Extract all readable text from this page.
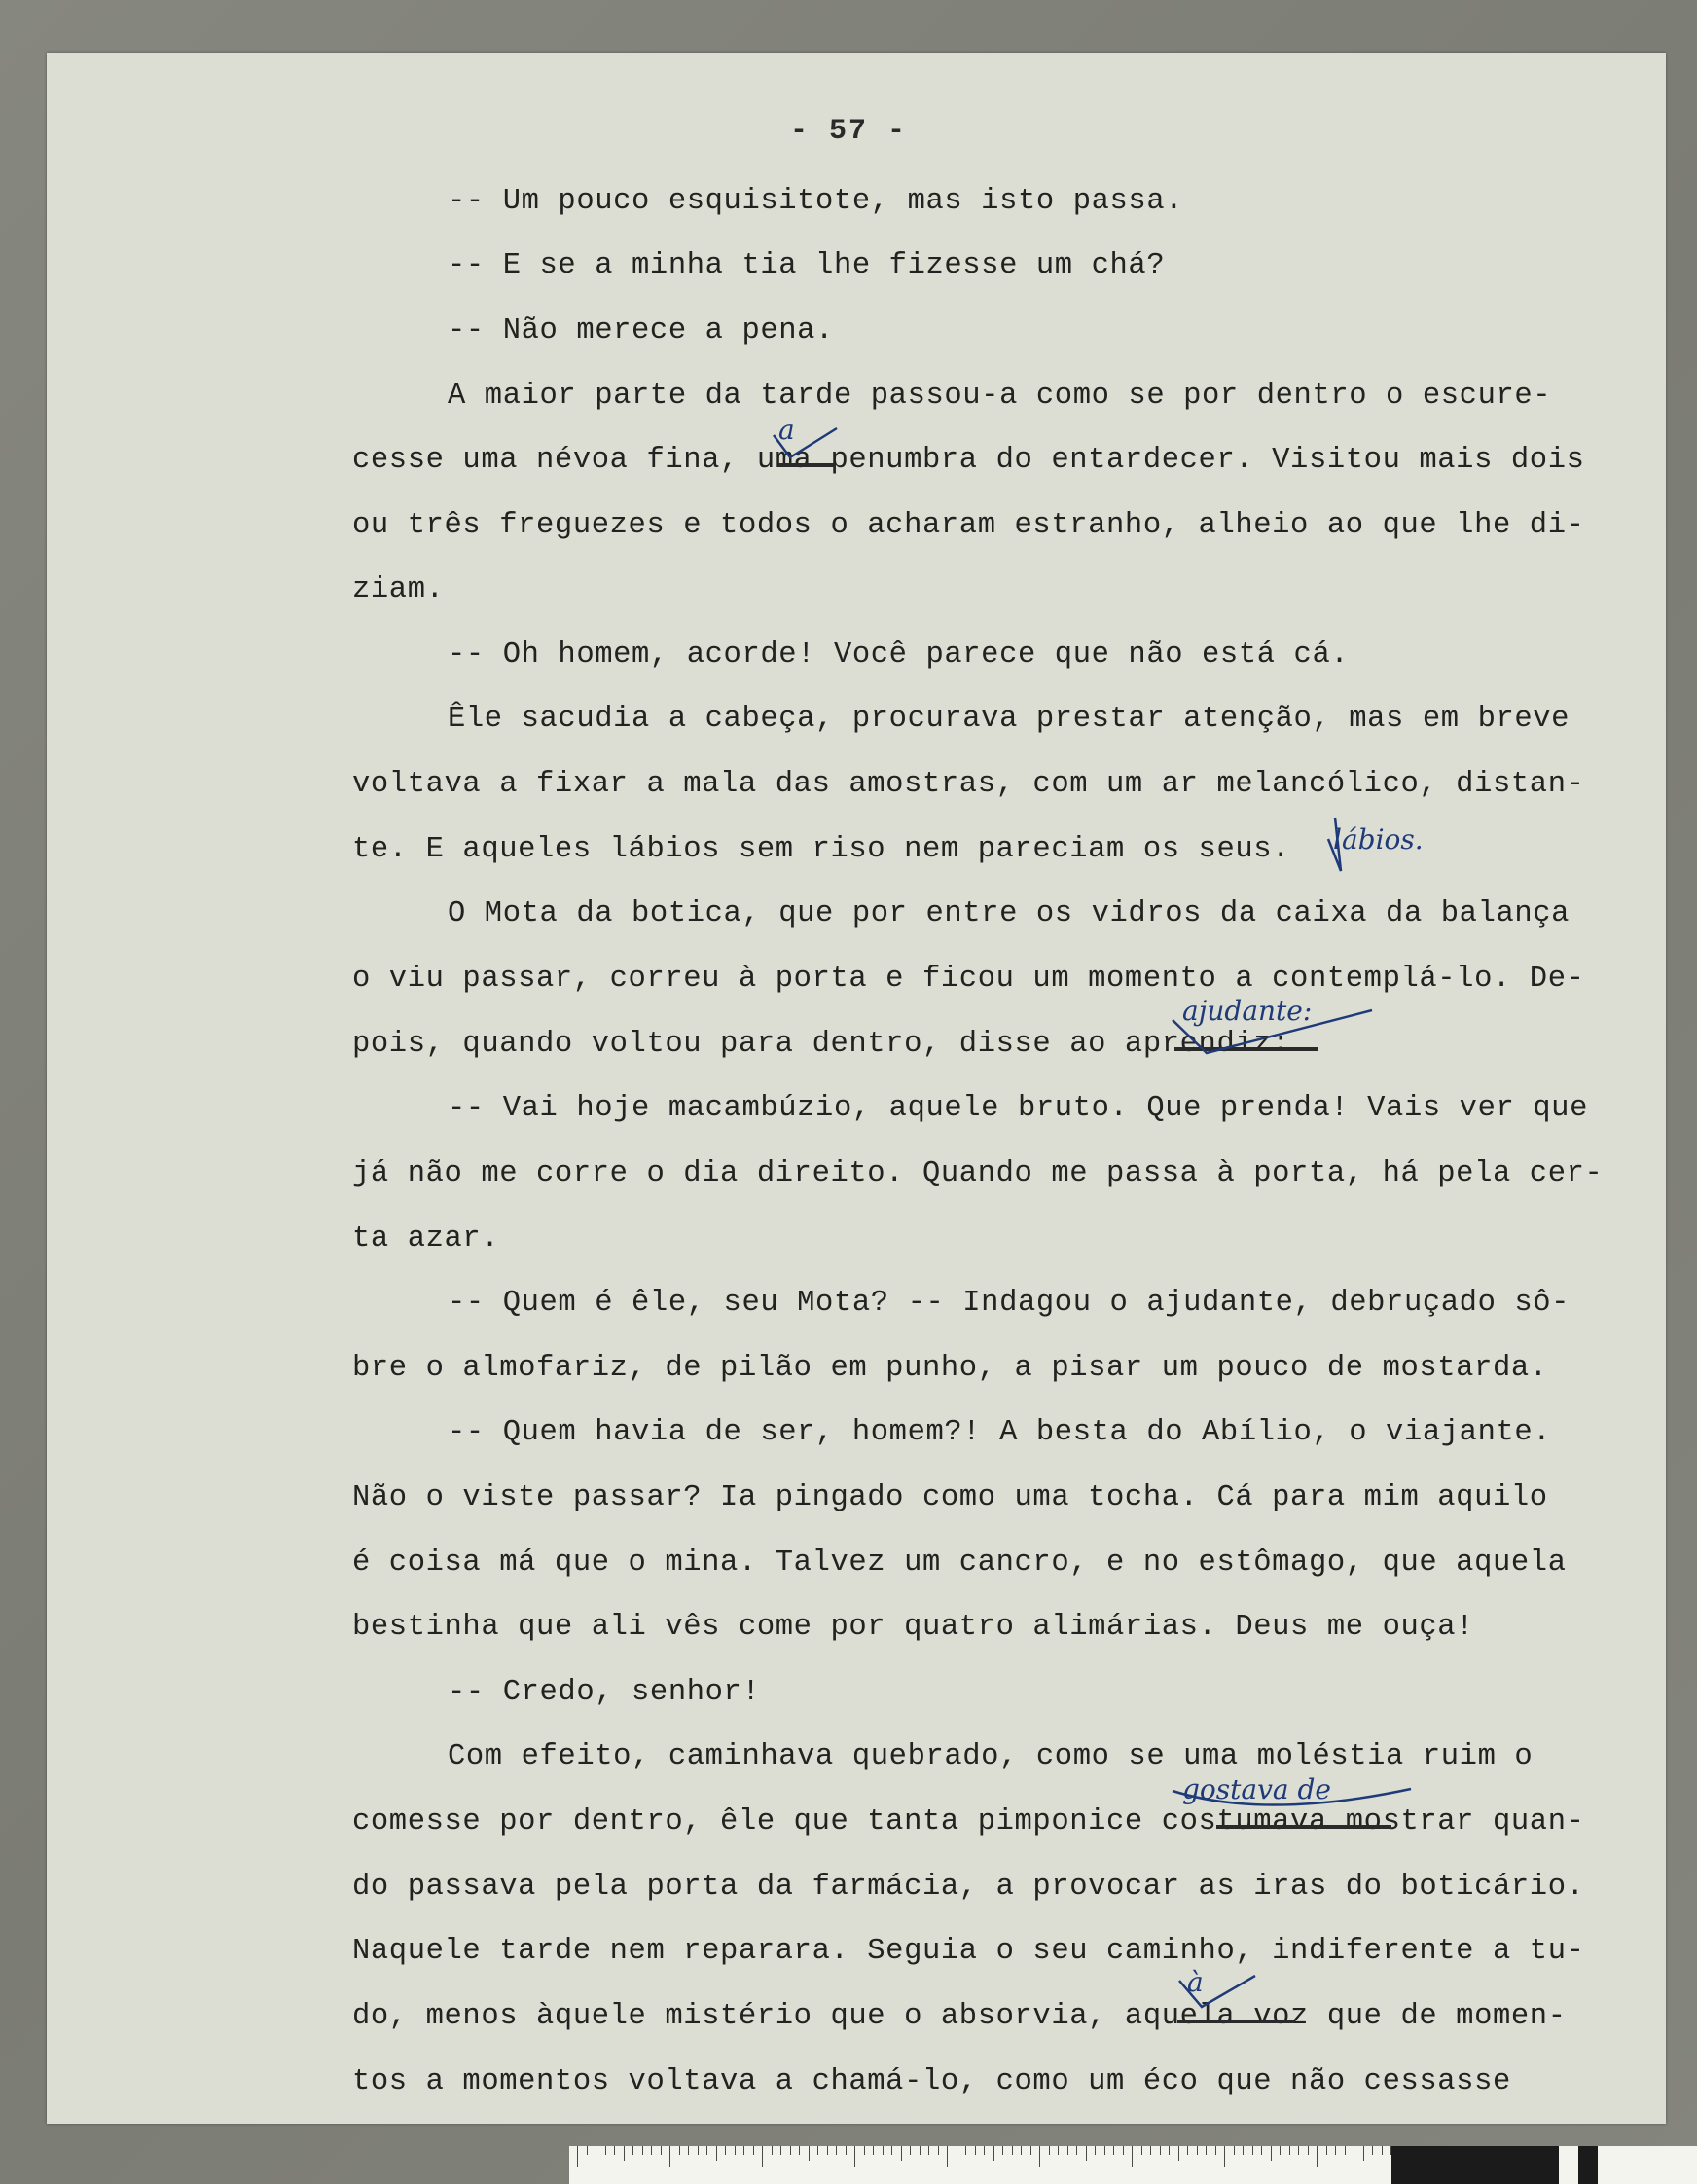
- 57 -
-- Um pouco esquisitote, mas isto passa.
-- E se a minha tia lhe fizesse um chá?
-- Não merece a pena.
A maior parte da tarde passou-a como se por dentro o escure-
cesse uma névoa fina, uma penumbra do entardecer. Visitou mais dois
ou três freguezes e todos o acharam estranho, alheio ao que lhe di-
ziam.
-- Oh homem, acorde! Você parece que não está cá.
Êle sacudia a cabeça, procurava prestar atenção, mas em breve
voltava a fixar a mala das amostras, com um ar melancólico, distan-
te. E aqueles lábios sem riso nem pareciam os seus.
O Mota da botica, que por entre os vidros da caixa da balança
o viu passar, correu à porta e ficou um momento a contemplá-lo. De-
pois, quando voltou para dentro, disse ao aprendiz:
-- Vai hoje macambúzio, aquele bruto. Que prenda! Vais ver que
já não me corre o dia direito. Quando me passa à porta, há pela cer-
ta azar.
-- Quem é êle, seu Mota? -- Indagou o ajudante, debruçado sô-
bre o almofariz, de pilão em punho, a pisar um pouco de mostarda.
-- Quem havia de ser, homem?! A besta do Abílio, o viajante.
Não o viste passar? Ia pingado como uma tocha. Cá para mim aquilo
é coisa má que o mina. Talvez um cancro, e no estômago, que aquela
bestinha que ali vês come por quatro alimárias. Deus me ouça!
-- Credo, senhor!
Com efeito, caminhava quebrado, como se uma moléstia ruim o
comesse por dentro, êle que tanta pimponice costumava mostrar quan-
do passava pela porta da farmácia, a provocar as iras do boticário.
Naquele tarde nem reparara. Seguia o seu caminho, indiferente a tu-
do, menos àquele mistério que o absorvia, aquela voz que de momen-
tos a momentos voltava a chamá-lo, como um éco que não cessasse
a
lábios.
ajudante:
gostava de
à
